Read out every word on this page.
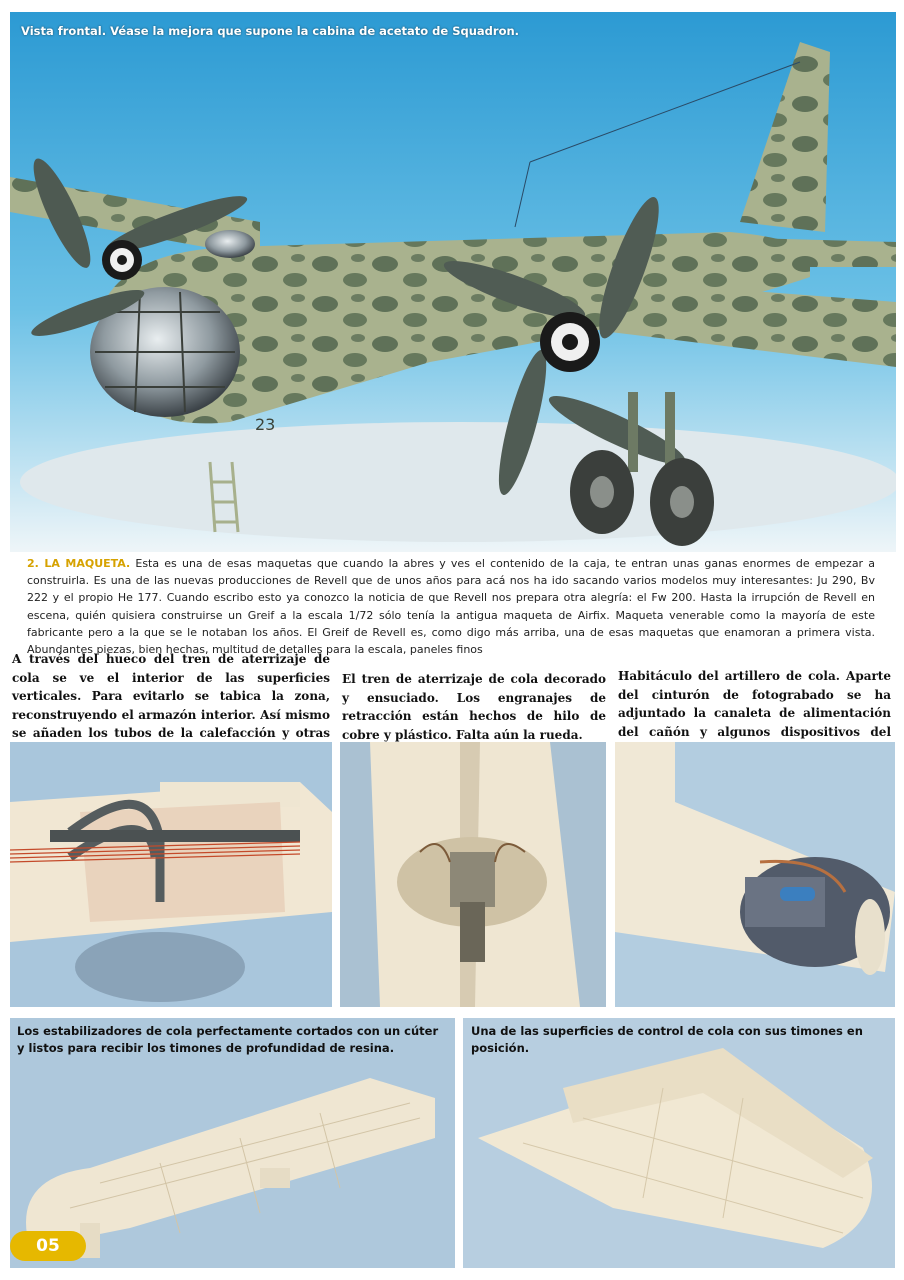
23
Vista frontal. Véase la mejora que supone la cabina de acetato de Squadron.
2. LA MAQUETA. Esta es una de esas maquetas que cuando la abres y ves el contenido de la caja, te entran unas ganas enormes de empezar a construirla. Es una de las nuevas producciones de Revell que de unos años para acá nos ha ido sacando varios modelos muy interesantes: Ju 290, Bv 222 y el propio He 177. Cuando escribo esto ya conozco la noticia de que Revell nos prepara otra alegría: el Fw 200. Hasta la irrupción de Revell en escena, quién quisiera construirse un Greif a la escala 1/72 sólo tenía la antigua maqueta de Airfix. Maqueta venerable como la mayoría de este fabricante pero a la que se le notaban los años. El Greif de Revell es, como digo más arriba, una de esas maquetas que enamoran a primera vista. Abundantes piezas, bien hechas, multitud de detalles para la escala, paneles finos
A través del hueco del tren de aterrizaje de cola se ve el interior de las superficies verticales. Para evitarlo se tabica la zona, reconstruyendo el armazón interior. Así mismo se añaden los tubos de la calefacción y otras
El tren de aterrizaje de cola decorado y ensuciado. Los engranajes de retracción están hechos de hilo de cobre y plástico. Falta aún la rueda.
Habitáculo del artillero de cola. Aparte del cinturón de fotograbado se ha adjuntado la canaleta de alimentación del cañón y algunos dispositivos del
Los estabilizadores de cola perfectamente cortados con un cúter y listos para recibir los timones de profundidad de resina.
Una de las superficies de control de cola con sus timones en posición.
05
